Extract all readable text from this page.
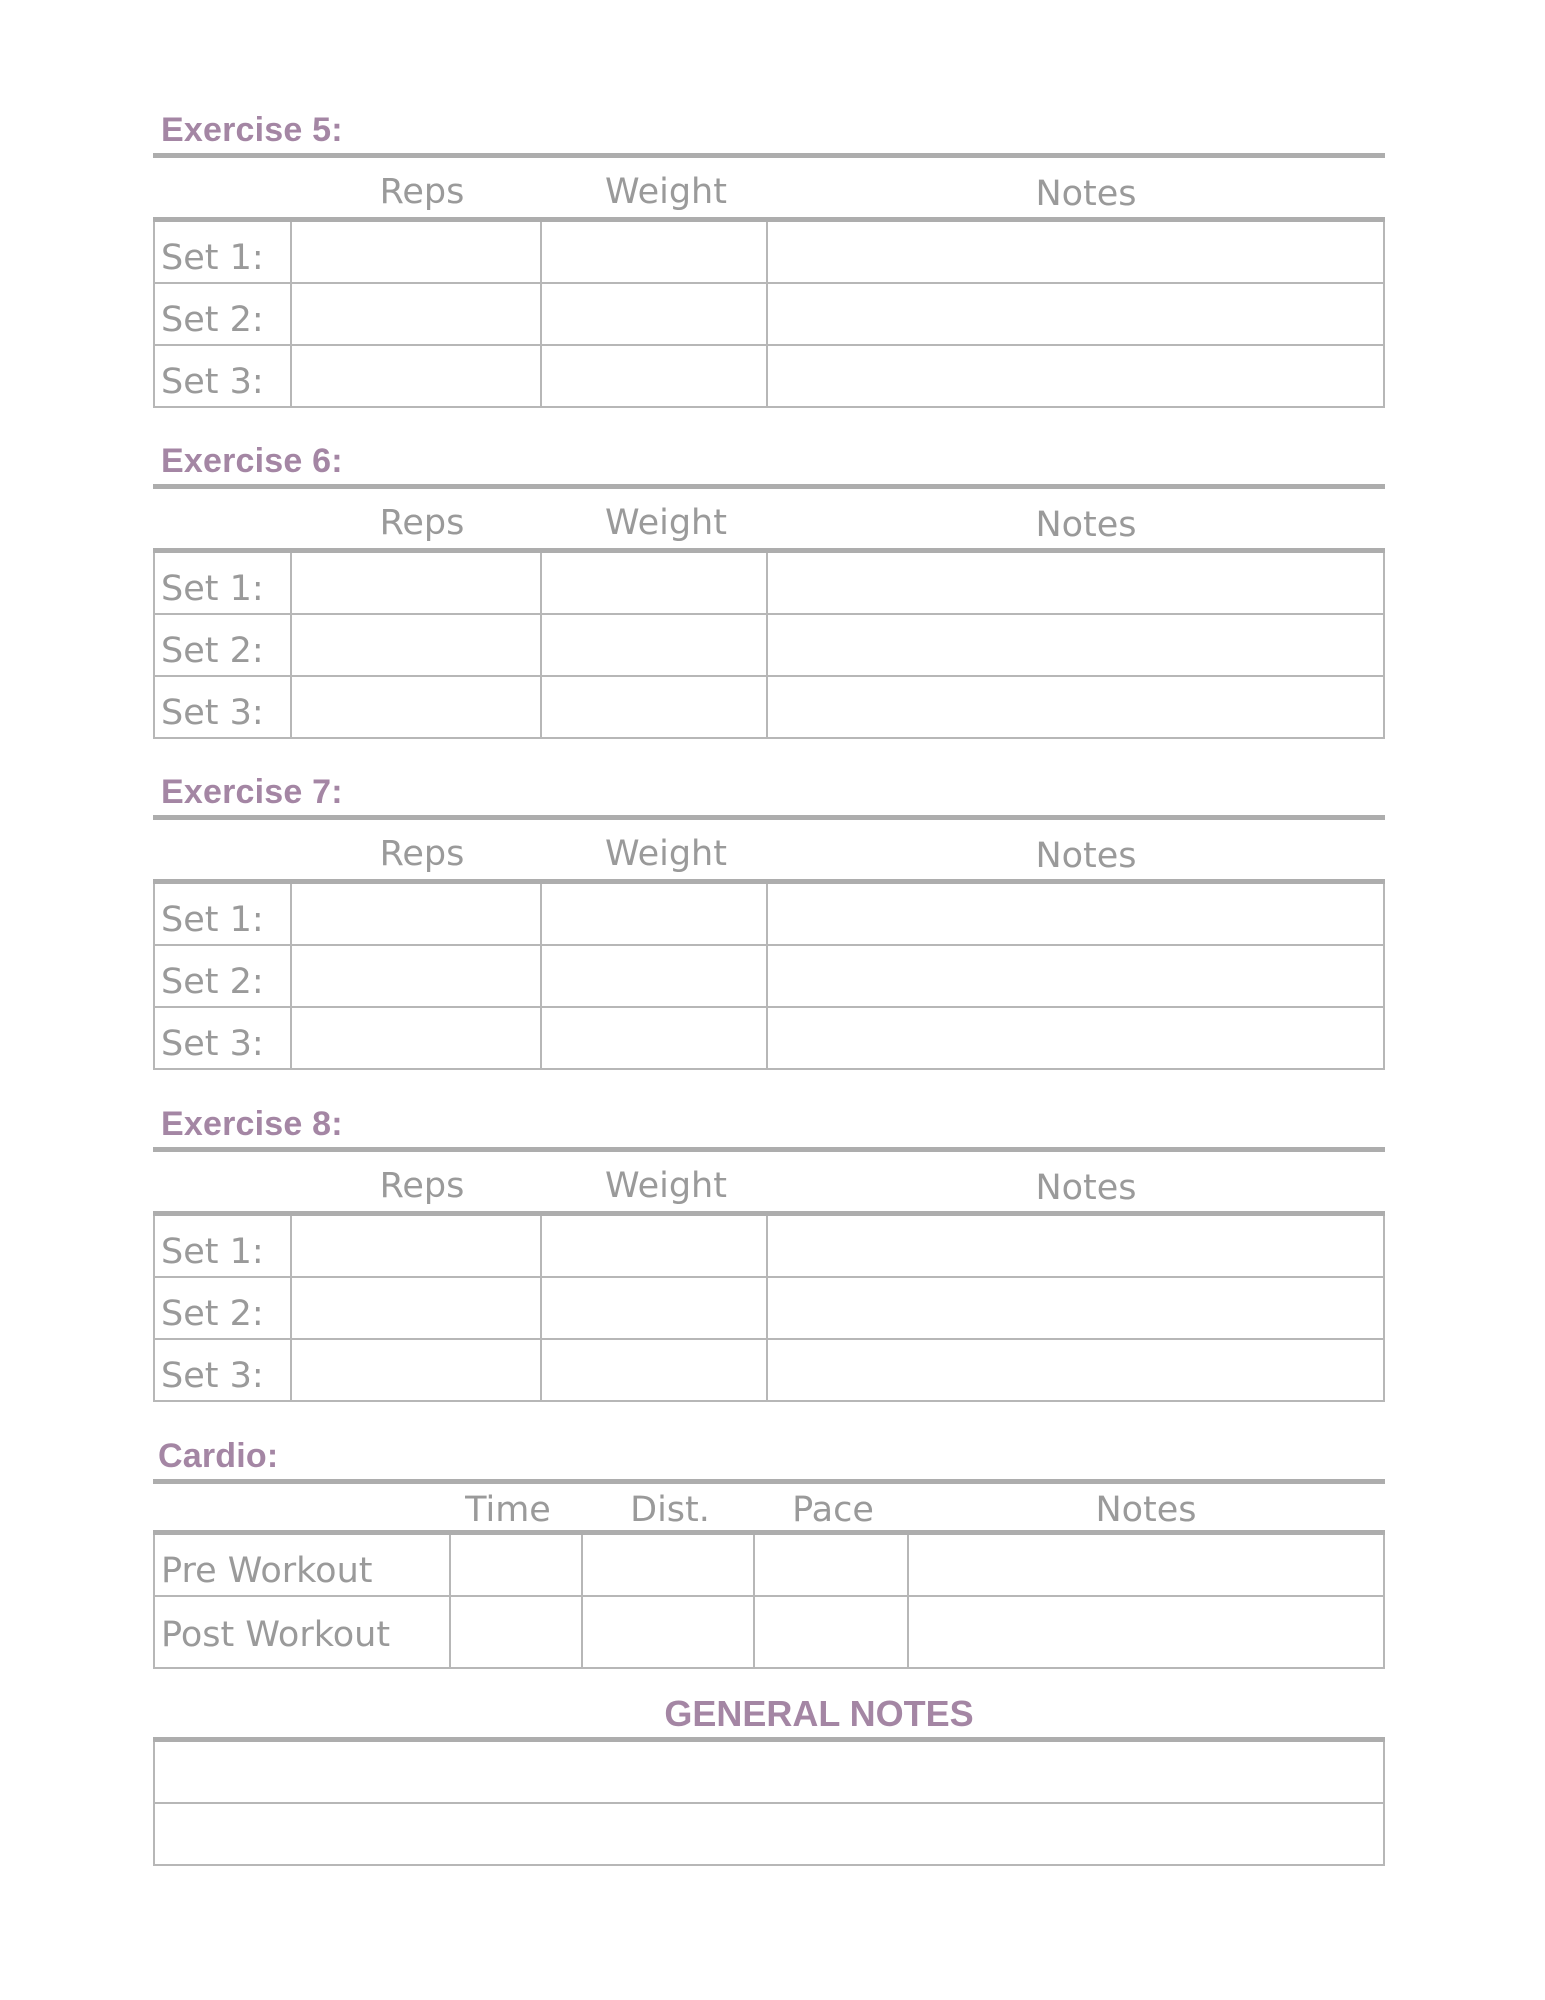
Exercise 5:
Reps	Weight	Notes
Set 1:
Set 2:
Set 3:
Exercise 6:
Reps	Weight	Notes
Set 1:
Set 2:
Set 3:
Exercise 7:
Reps	Weight	Notes
Set 1:
Set 2:
Set 3:
Exercise 8:
Reps	Weight	Notes
Set 1:
Set 2:
Set 3:
Cardio:
Time Dist. Pace	Notes
Pre Workout
Post Workout
GENERAL NOTES
